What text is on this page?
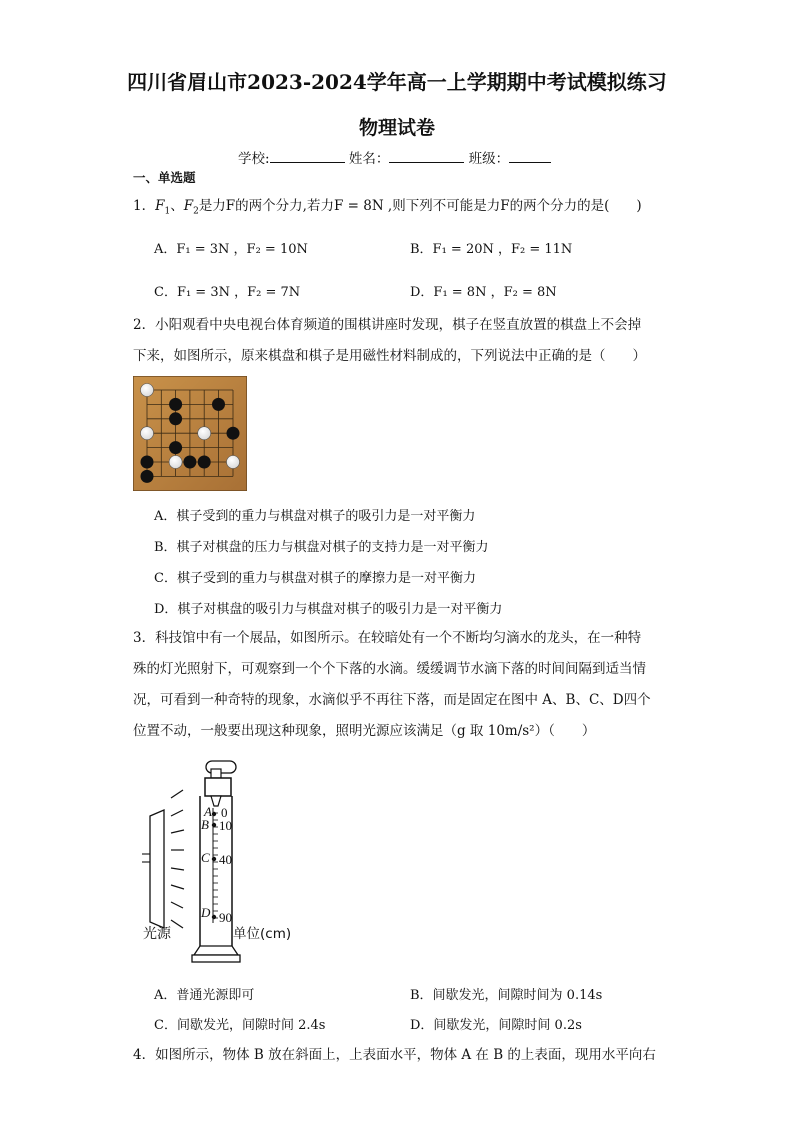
四川省眉山市2023-2024学年高一上学期期中考试模拟练习
物理试卷
学校:	姓名：	班级：
一、单选题
1．$F_1$、$F_2$是力F的两个分力,若力F = 8N ,则下列不可能是力F的两个分力的是(　　)
A．F₁ = 3N ，F₂ = 10N	B．F₁ = 20N ，F₂ = 11N
C．F₁ = 3N ，F₂ = 7N	D．F₁ = 8N ，F₂ = 8N
2．小阳观看中央电视台体育频道的围棋讲座时发现，棋子在竖直放置的棋盘上不会掉
下来，如图所示，原来棋盘和棋子是用磁性材料制成的，下列说法中正确的是（　　）
A．棋子受到的重力与棋盘对棋子的吸引力是一对平衡力
B．棋子对棋盘的压力与棋盘对棋子的支持力是一对平衡力
C．棋子受到的重力与棋盘对棋子的摩擦力是一对平衡力
D．棋子对棋盘的吸引力与棋盘对棋子的吸引力是一对平衡力
3．科技馆中有一个展品，如图所示。在较暗处有一个不断均匀滴水的龙头，在一种特
殊的灯光照射下，可观察到一个个下落的水滴。缓缓调节水滴下落的时间间隔到适当情
况，可看到一种奇特的现象，水滴似乎不再往下落，而是固定在图中 A、B、C、D四个
位置不动，一般要出现这种现象，照明光源应该满足（g 取 10m/s²）（　　）
A
B
C
D
0
10
40
90
光源	单位(cm)
A．普通光源即可	B．间歇发光，间隙时间为 0.14s
C．间歇发光，间隙时间 2.4s	D．间歇发光，间隙时间 0.2s
4．如图所示，物体 B 放在斜面上，上表面水平，物体 A 在 B 的上表面，现用水平向右
